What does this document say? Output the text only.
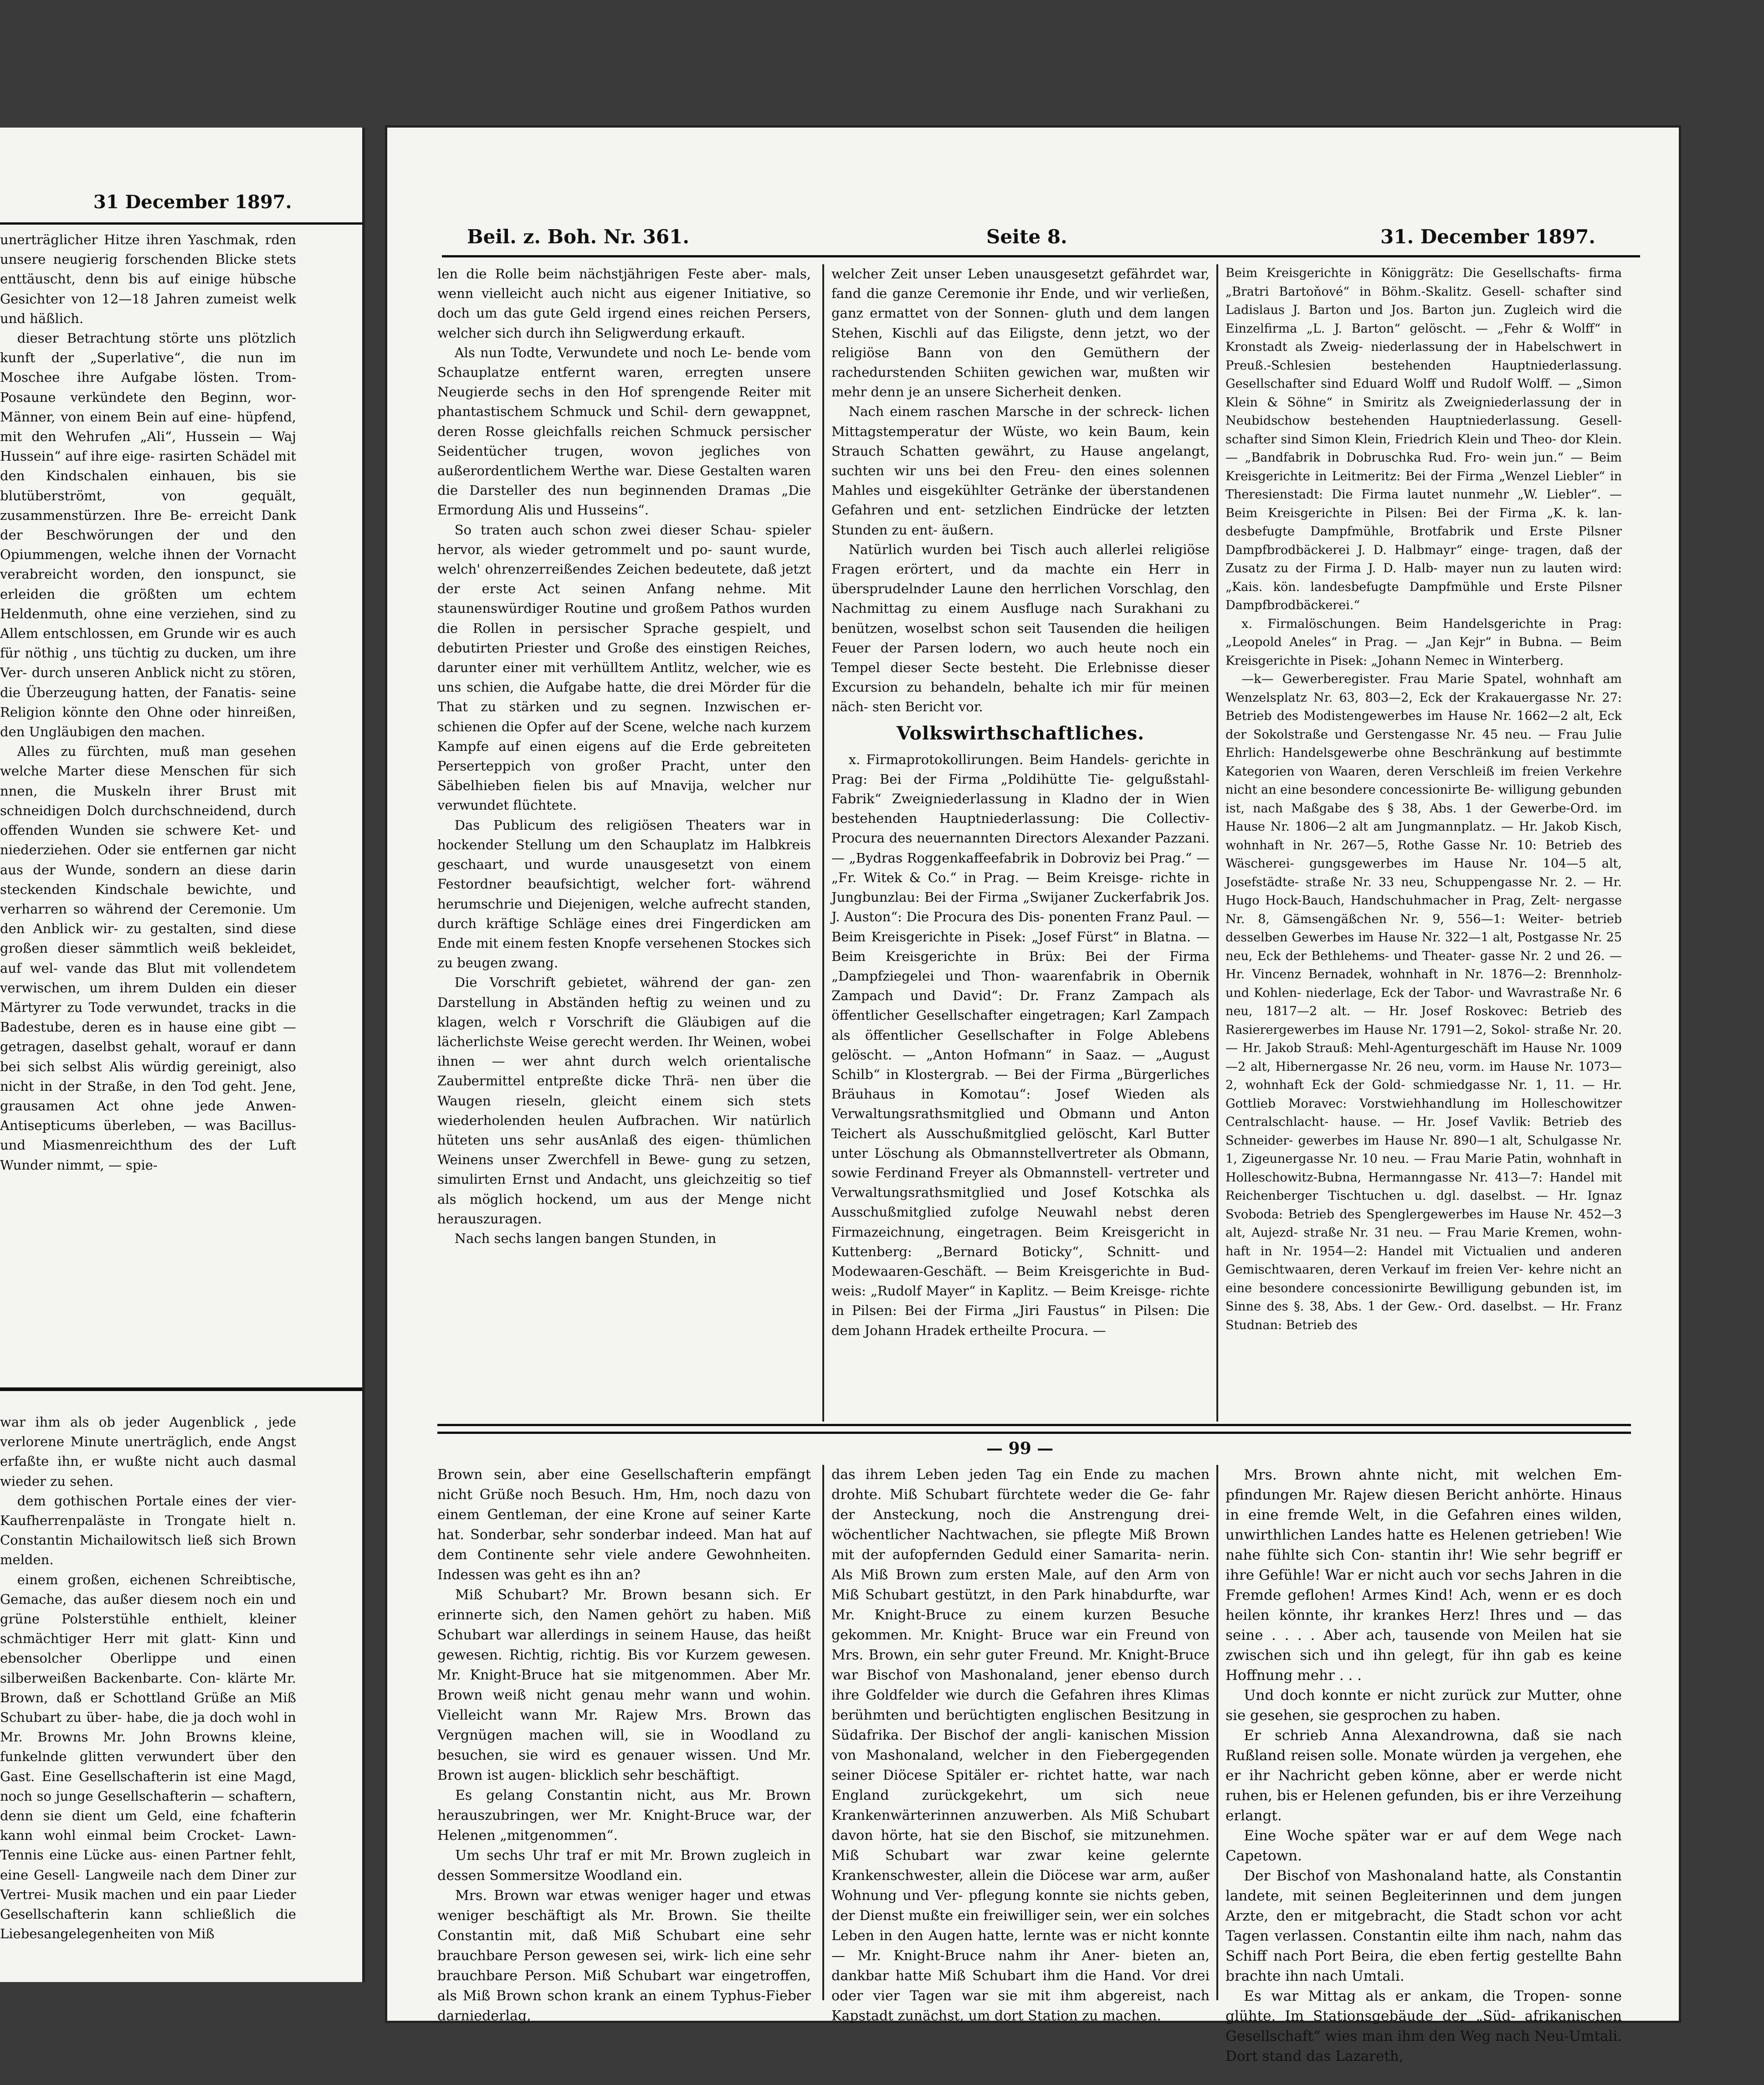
31 December 1897.

unerträglicher Hitze ihren Yaschmak, rden unsere neugierig forschenden Blicke stets enttäuscht, denn bis auf einige hübsche Gesichter von 12—18 Jahren zumeist welk und häßlich.

dieser Betrachtung störte uns plötzlich kunft der „Superlative“, die nun im Moschee ihre Aufgabe lösten. Trom- Posaune verkündete den Beginn, wor- Männer, von einem Bein auf eine- hüpfend, mit den Wehrufen „Ali“, Hussein — Waj Hussein“ auf ihre eige- rasirten Schädel mit den Kindschalen einhauen, bis sie blutüberströmt, von gequält, zusammenstürzen. Ihre Be- erreicht Dank der Beschwörungen der und den Opiummengen, welche ihnen der Vornacht verabreicht worden, den ionspunct, sie erleiden die größten um echtem Heldenmuth, ohne eine verziehen, sind zu Allem entschlossen, em Grunde wir es auch für nöthig , uns tüchtig zu ducken, um ihre Ver- durch unseren Anblick nicht zu stören, die Überzeugung hatten, der Fanatis- seine Religion könnte den Ohne oder hinreißen, den Ungläubigen den machen.

Alles zu fürchten, muß man gesehen welche Marter diese Menschen für sich nnen, die Muskeln ihrer Brust mit schneidigen Dolch durchschneidend, durch offenden Wunden sie schwere Ket- und niederziehen. Oder sie entfernen gar nicht aus der Wunde, sondern an diese darin steckenden Kindschale bewichte, und verharren so während der Ceremonie. Um den Anblick wir- zu gestalten, sind diese großen dieser sämmtlich weiß bekleidet, auf wel- vande das Blut mit vollendetem verwischen, um ihrem Dulden ein dieser Märtyrer zu Tode verwundet, tracks in die Badestube, deren es in hause eine gibt — getragen, daselbst gehalt, worauf er dann bei sich selbst Alis würdig gereinigt, also nicht in der Straße, in den Tod geht. Jene, grausamen Act ohne jede Anwen- Antisepticums überleben, — was Bacillus- und Miasmenreichthum des der Luft Wunder nimmt, — spie-

war ihm als ob jeder Augenblick , jede verlorene Minute unerträglich, ende Angst erfaßte ihn, er wußte nicht auch dasmal wieder zu sehen.

dem gothischen Portale eines der vier- Kaufherrenpaläste in Trongate hielt n. Constantin Michailowitsch ließ sich Brown melden.

einem großen, eichenen Schreibtische, Gemache, das außer diesem noch ein und grüne Polsterstühle enthielt, kleiner schmächtiger Herr mit glatt- Kinn und ebensolcher Oberlippe und einen silberweißen Backenbarte. Con- klärte Mr. Brown, daß er Schottland Grüße an Miß Schubart zu über- habe, die ja doch wohl in Mr. Browns Mr. John Browns kleine, funkelnde glitten verwundert über den Gast. Eine Gesellschafterin ist eine Magd, noch so junge Gesellschafterin — schaftern, denn sie dient um Geld, eine fchafterin kann wohl einmal beim Crocket- Lawn-Tennis eine Lücke aus- einen Partner fehlt, eine Gesell- Langweile nach dem Diner zur Vertrei- Musik machen und ein paar Lieder Gesellschafterin kann schließlich die Liebesangelegenheiten von Miß

Beil. z. Boh. Nr. 361.	Seite 8.	31. December 1897.

len die Rolle beim nächstjährigen Feste aber- mals, wenn vielleicht auch nicht aus eigener Initiative, so doch um das gute Geld irgend eines reichen Persers, welcher sich durch ihn Seligwerdung erkauft.

Als nun Todte, Verwundete und noch Le- bende vom Schauplatze entfernt waren, erregten unsere Neugierde sechs in den Hof sprengende Reiter mit phantastischem Schmuck und Schil- dern gewappnet, deren Rosse gleichfalls reichen Schmuck persischer Seidentücher trugen, wovon jegliches von außerordentlichem Werthe war. Diese Gestalten waren die Darsteller des nun beginnenden Dramas „Die Ermordung Alis und Husseins“.

So traten auch schon zwei dieser Schau- spieler hervor, als wieder getrommelt und po- saunt wurde, welch' ohrenzerreißendes Zeichen bedeutete, daß jetzt der erste Act seinen Anfang nehme. Mit staunenswürdiger Routine und großem Pathos wurden die Rollen in persischer Sprache gespielt, und debutirten Priester und Große des einstigen Reiches, darunter einer mit verhülltem Antlitz, welcher, wie es uns schien, die Aufgabe hatte, die drei Mörder für die That zu stärken und zu segnen. Inzwischen er- schienen die Opfer auf der Scene, welche nach kurzem Kampfe auf einen eigens auf die Erde gebreiteten Perserteppich von großer Pracht, unter den Säbelhieben fielen bis auf Mnavija, welcher nur verwundet flüchtete.

Das Publicum des religiösen Theaters war in hockender Stellung um den Schauplatz im Halbkreis geschaart, und wurde unausgesetzt von einem Festordner beaufsichtigt, welcher fort- während herumschrie und Diejenigen, welche aufrecht standen, durch kräftige Schläge eines drei Fingerdicken am Ende mit einem festen Knopfe versehenen Stockes sich zu beugen zwang.

Die Vorschrift gebietet, während der gan- zen Darstellung in Abständen heftig zu weinen und zu klagen, welch r Vorschrift die Gläubigen auf die lächerlichste Weise gerecht werden. Ihr Weinen, wobei ihnen — wer ahnt durch welch orientalische Zaubermittel entpreßte dicke Thrä- nen über die Waugen rieseln, gleicht einem sich stets wiederholenden heulen Aufbrachen. Wir natürlich hüteten uns sehr ausAnlaß des eigen- thümlichen Weinens unser Zwerchfell in Bewe- gung zu setzen, simulirten Ernst und Andacht, uns gleichzeitig so tief als möglich hockend, um aus der Menge nicht herauszuragen.

Nach sechs langen bangen Stunden, in

welcher Zeit unser Leben unausgesetzt gefährdet war, fand die ganze Ceremonie ihr Ende, und wir verließen, ganz ermattet von der Sonnen- gluth und dem langen Stehen, Kischli auf das Eiligste, denn jetzt, wo der religiöse Bann von den Gemüthern der rachedurstenden Schiiten gewichen war, mußten wir mehr denn je an unsere Sicherheit denken.

Nach einem raschen Marsche in der schreck- lichen Mittagstemperatur der Wüste, wo kein Baum, kein Strauch Schatten gewährt, zu Hause angelangt, suchten wir uns bei den Freu- den eines solennen Mahles und eisgekühlter Getränke der überstandenen Gefahren und ent- setzlichen Eindrücke der letzten Stunden zu ent- äußern.

Natürlich wurden bei Tisch auch allerlei religiöse Fragen erörtert, und da machte ein Herr in übersprudelnder Laune den herrlichen Vorschlag, den Nachmittag zu einem Ausfluge nach Surakhani zu benützen, woselbst schon seit Tausenden die heiligen Feuer der Parsen lodern, wo auch heute noch ein Tempel dieser Secte besteht. Die Erlebnisse dieser Excursion zu behandeln, behalte ich mir für meinen näch- sten Bericht vor.

Volkswirthschaftliches.

x. Firmaprotokollirungen. Beim Handels- gerichte in Prag: Bei der Firma „Poldihütte Tie- gelgußstahl-Fabrik“ Zweigniederlassung in Kladno der in Wien bestehenden Hauptniederlassung: Die Collectiv- Procura des neuernannten Directors Alexander Pazzani. — „Bydras Roggenkaffeefabrik in Dobroviz bei Prag.“ — „Fr. Witek & Co.“ in Prag. — Beim Kreisge- richte in Jungbunzlau: Bei der Firma „Swijaner Zuckerfabrik Jos. J. Auston“: Die Procura des Dis- ponenten Franz Paul. — Beim Kreisgerichte in Pisek: „Josef Fürst“ in Blatna. — Beim Kreisgerichte in Brüx: Bei der Firma „Dampfziegelei und Thon- waarenfabrik in Obernik Zampach und David“: Dr. Franz Zampach als öffentlicher Gesellschafter eingetragen; Karl Zampach als öffentlicher Gesellschafter in Folge Ablebens gelöscht. — „Anton Hofmann“ in Saaz. — „August Schilb“ in Klostergrab. — Bei der Firma „Bürgerliches Bräuhaus in Komotau“: Josef Wieden als Verwaltungsrathsmitglied und Obmann und Anton Teichert als Ausschußmitglied gelöscht, Karl Butter unter Löschung als Obmannstellvertreter als Obmann, sowie Ferdinand Freyer als Obmannstell- vertreter und Verwaltungsrathsmitglied und Josef Kotschka als Ausschußmitglied zufolge Neuwahl nebst deren Firmazeichnung, eingetragen. Beim Kreisgericht in Kuttenberg: „Bernard Boticky“, Schnitt- und Modewaaren-Geschäft. — Beim Kreisgerichte in Bud- weis: „Rudolf Mayer“ in Kaplitz. — Beim Kreisge- richte in Pilsen: Bei der Firma „Jiri Faustus“ in Pilsen: Die dem Johann Hradek ertheilte Procura. —

Beim Kreisgerichte in Königgrätz: Die Gesellschafts- firma „Bratri Bartoňové“ in Böhm.-Skalitz. Gesell- schafter sind Ladislaus J. Barton und Jos. Barton jun. Zugleich wird die Einzelfirma „L. J. Barton“ gelöscht. — „Fehr & Wolff“ in Kronstadt als Zweig- niederlassung der in Habelschwert in Preuß.-Schlesien bestehenden Hauptniederlassung. Gesellschafter sind Eduard Wolff und Rudolf Wolff. — „Simon Klein & Söhne“ in Smiritz als Zweigniederlassung der in Neubidschow bestehenden Hauptniederlassung. Gesell- schafter sind Simon Klein, Friedrich Klein und Theo- dor Klein. — „Bandfabrik in Dobruschka Rud. Fro- wein jun.“ — Beim Kreisgerichte in Leitmeritz: Bei der Firma „Wenzel Liebler“ in Theresienstadt: Die Firma lautet nunmehr „W. Liebler“. — Beim Kreisgerichte in Pilsen: Bei der Firma „K. k. lan- desbefugte Dampfmühle, Brotfabrik und Erste Pilsner Dampfbrodbäckerei J. D. Halbmayr“ einge- tragen, daß der Zusatz zu der Firma J. D. Halb- mayer nun zu lauten wird: „Kais. kön. landesbefugte Dampfmühle und Erste Pilsner Dampfbrodbäckerei.“

x. Firmalöschungen. Beim Handelsgerichte in Prag: „Leopold Aneles“ in Prag. — „Jan Kejr“ in Bubna. — Beim Kreisgerichte in Pisek: „Johann Nemec in Winterberg.

—k— Gewerberegister. Frau Marie Spatel, wohnhaft am Wenzelsplatz Nr. 63, 803—2, Eck der Krakauergasse Nr. 27: Betrieb des Modistengewerbes im Hause Nr. 1662—2 alt, Eck der Sokolstraße und Gerstengasse Nr. 45 neu. — Frau Julie Ehrlich: Handelsgewerbe ohne Beschränkung auf bestimmte Kategorien von Waaren, deren Verschleiß im freien Verkehre nicht an eine besondere concessionirte Be- willigung gebunden ist, nach Maßgabe des § 38, Abs. 1 der Gewerbe-Ord. im Hause Nr. 1806—2 alt am Jungmannplatz. — Hr. Jakob Kisch, wohnhaft in Nr. 267—5, Rothe Gasse Nr. 10: Betrieb des Wäscherei- gungsgewerbes im Hause Nr. 104—5 alt, Josefstädte- straße Nr. 33 neu, Schuppengasse Nr. 2. — Hr. Hugo Hock-Bauch, Handschuhmacher in Prag, Zelt- nergasse Nr. 8, Gämsengäßchen Nr. 9, 556—1: Weiter- betrieb desselben Gewerbes im Hause Nr. 322—1 alt, Postgasse Nr. 25 neu, Eck der Bethlehems- und Theater- gasse Nr. 2 und 26. — Hr. Vincenz Bernadek, wohnhaft in Nr. 1876—2: Brennholz- und Kohlen- niederlage, Eck der Tabor- und Wavrastraße Nr. 6 neu, 1817—2 alt. — Hr. Josef Roskovec: Betrieb des Rasierergewerbes im Hause Nr. 1791—2, Sokol- straße Nr. 20. — Hr. Jakob Strauß: Mehl-Agenturgeschäft im Hause Nr. 1009—2 alt, Hibernergasse Nr. 26 neu, vorm. im Hause Nr. 1073—2, wohnhaft Eck der Gold- schmiedgasse Nr. 1, 11. — Hr. Gottlieb Moravec: Vorstwiehhandlung im Holleschowitzer Centralschlacht- hause. — Hr. Josef Vavlik: Betrieb des Schneider- gewerbes im Hause Nr. 890—1 alt, Schulgasse Nr. 1, Zigeunergasse Nr. 10 neu. — Frau Marie Patin, wohnhaft in Holleschowitz-Bubna, Hermanngasse Nr. 413—7: Handel mit Reichenberger Tischtuchen u. dgl. daselbst. — Hr. Ignaz Svoboda: Betrieb des Spenglergewerbes im Hause Nr. 452—3 alt, Aujezd- straße Nr. 31 neu. — Frau Marie Kremen, wohn- haft in Nr. 1954—2: Handel mit Victualien und anderen Gemischtwaaren, deren Verkauf im freien Ver- kehre nicht an eine besondere concessionirte Bewilligung gebunden ist, im Sinne des §. 38, Abs. 1 der Gew.- Ord. daselbst. — Hr. Franz Studnan: Betrieb des

— 99 —

Brown sein, aber eine Gesellschafterin empfängt nicht Grüße noch Besuch. Hm, Hm, noch dazu von einem Gentleman, der eine Krone auf seiner Karte hat. Sonderbar, sehr sonderbar indeed. Man hat auf dem Continente sehr viele andere Gewohnheiten. Indessen was geht es ihn an?

Miß Schubart? Mr. Brown besann sich. Er erinnerte sich, den Namen gehört zu haben. Miß Schubart war allerdings in seinem Hause, das heißt gewesen. Richtig, richtig. Bis vor Kurzem gewesen. Mr. Knight-Bruce hat sie mitgenommen. Aber Mr. Brown weiß nicht genau mehr wann und wohin. Vielleicht wann Mr. Rajew Mrs. Brown das Vergnügen machen will, sie in Woodland zu besuchen, sie wird es genauer wissen. Und Mr. Brown ist augen- blicklich sehr beschäftigt.

Es gelang Constantin nicht, aus Mr. Brown herauszubringen, wer Mr. Knight-Bruce war, der Helenen „mitgenommen“.

Um sechs Uhr traf er mit Mr. Brown zugleich in dessen Sommersitze Woodland ein.

Mrs. Brown war etwas weniger hager und etwas weniger beschäftigt als Mr. Brown. Sie theilte Constantin mit, daß Miß Schubart eine sehr brauchbare Person gewesen sei, wirk- lich eine sehr brauchbare Person. Miß Schubart war eingetroffen, als Miß Brown schon krank an einem Typhus-Fieber darniederlag,

das ihrem Leben jeden Tag ein Ende zu machen drohte. Miß Schubart fürchtete weder die Ge- fahr der Ansteckung, noch die Anstrengung drei- wöchentlicher Nachtwachen, sie pflegte Miß Brown mit der aufopfernden Geduld einer Samarita- nerin. Als Miß Brown zum ersten Male, auf den Arm von Miß Schubart gestützt, in den Park hinabdurfte, war Mr. Knight-Bruce zu einem kurzen Besuche gekommen. Mr. Knight- Bruce war ein Freund von Mrs. Brown, ein sehr guter Freund. Mr. Knight-Bruce war Bischof von Mashonaland, jener ebenso durch ihre Goldfelder wie durch die Gefahren ihres Klimas berühmten und berüchtigten englischen Besitzung in Südafrika. Der Bischof der angli- kanischen Mission von Mashonaland, welcher in den Fiebergegenden seiner Diöcese Spitäler er- richtet hatte, war nach England zurückgekehrt, um sich neue Krankenwärterinnen anzuwerben. Als Miß Schubart davon hörte, hat sie den Bischof, sie mitzunehmen. Miß Schubart war zwar keine gelernte Krankenschwester, allein die Diöcese war arm, außer Wohnung und Ver- pflegung konnte sie nichts geben, der Dienst mußte ein freiwilliger sein, wer ein solches Leben in den Augen hatte, lernte was er nicht konnte — Mr. Knight-Bruce nahm ihr Aner- bieten an, dankbar hatte Miß Schubart ihm die Hand. Vor drei oder vier Tagen war sie mit ihm abgereist, nach Kapstadt zunächst, um dort Station zu machen.

Mrs. Brown ahnte nicht, mit welchen Em- pfindungen Mr. Rajew diesen Bericht anhörte. Hinaus in eine fremde Welt, in die Gefahren eines wilden, unwirthlichen Landes hatte es Helenen getrieben! Wie nahe fühlte sich Con- stantin ihr! Wie sehr begriff er ihre Gefühle! War er nicht auch vor sechs Jahren in die Fremde geflohen! Armes Kind! Ach, wenn er es doch heilen könnte, ihr krankes Herz! Ihres und — das seine . . . . Aber ach, tausende von Meilen hat sie zwischen sich und ihn gelegt, für ihn gab es keine Hoffnung mehr . . .

Und doch konnte er nicht zurück zur Mutter, ohne sie gesehen, sie gesprochen zu haben.

Er schrieb Anna Alexandrowna, daß sie nach Rußland reisen solle. Monate würden ja vergehen, ehe er ihr Nachricht geben könne, aber er werde nicht ruhen, bis er Helenen gefunden, bis er ihre Verzeihung erlangt.

Eine Woche später war er auf dem Wege nach Capetown.

Der Bischof von Mashonaland hatte, als Constantin landete, mit seinen Begleiterinnen und dem jungen Arzte, den er mitgebracht, die Stadt schon vor acht Tagen verlassen. Constantin eilte ihm nach, nahm das Schiff nach Port Beira, die eben fertig gestellte Bahn brachte ihn nach Umtali.

Es war Mittag als er ankam, die Tropen- sonne glühte. Im Stationsgebäude der „Süd- afrikanischen Gesellschaft“ wies man ihm den Weg nach Neu-Umtali. Dort stand das Lazareth,
